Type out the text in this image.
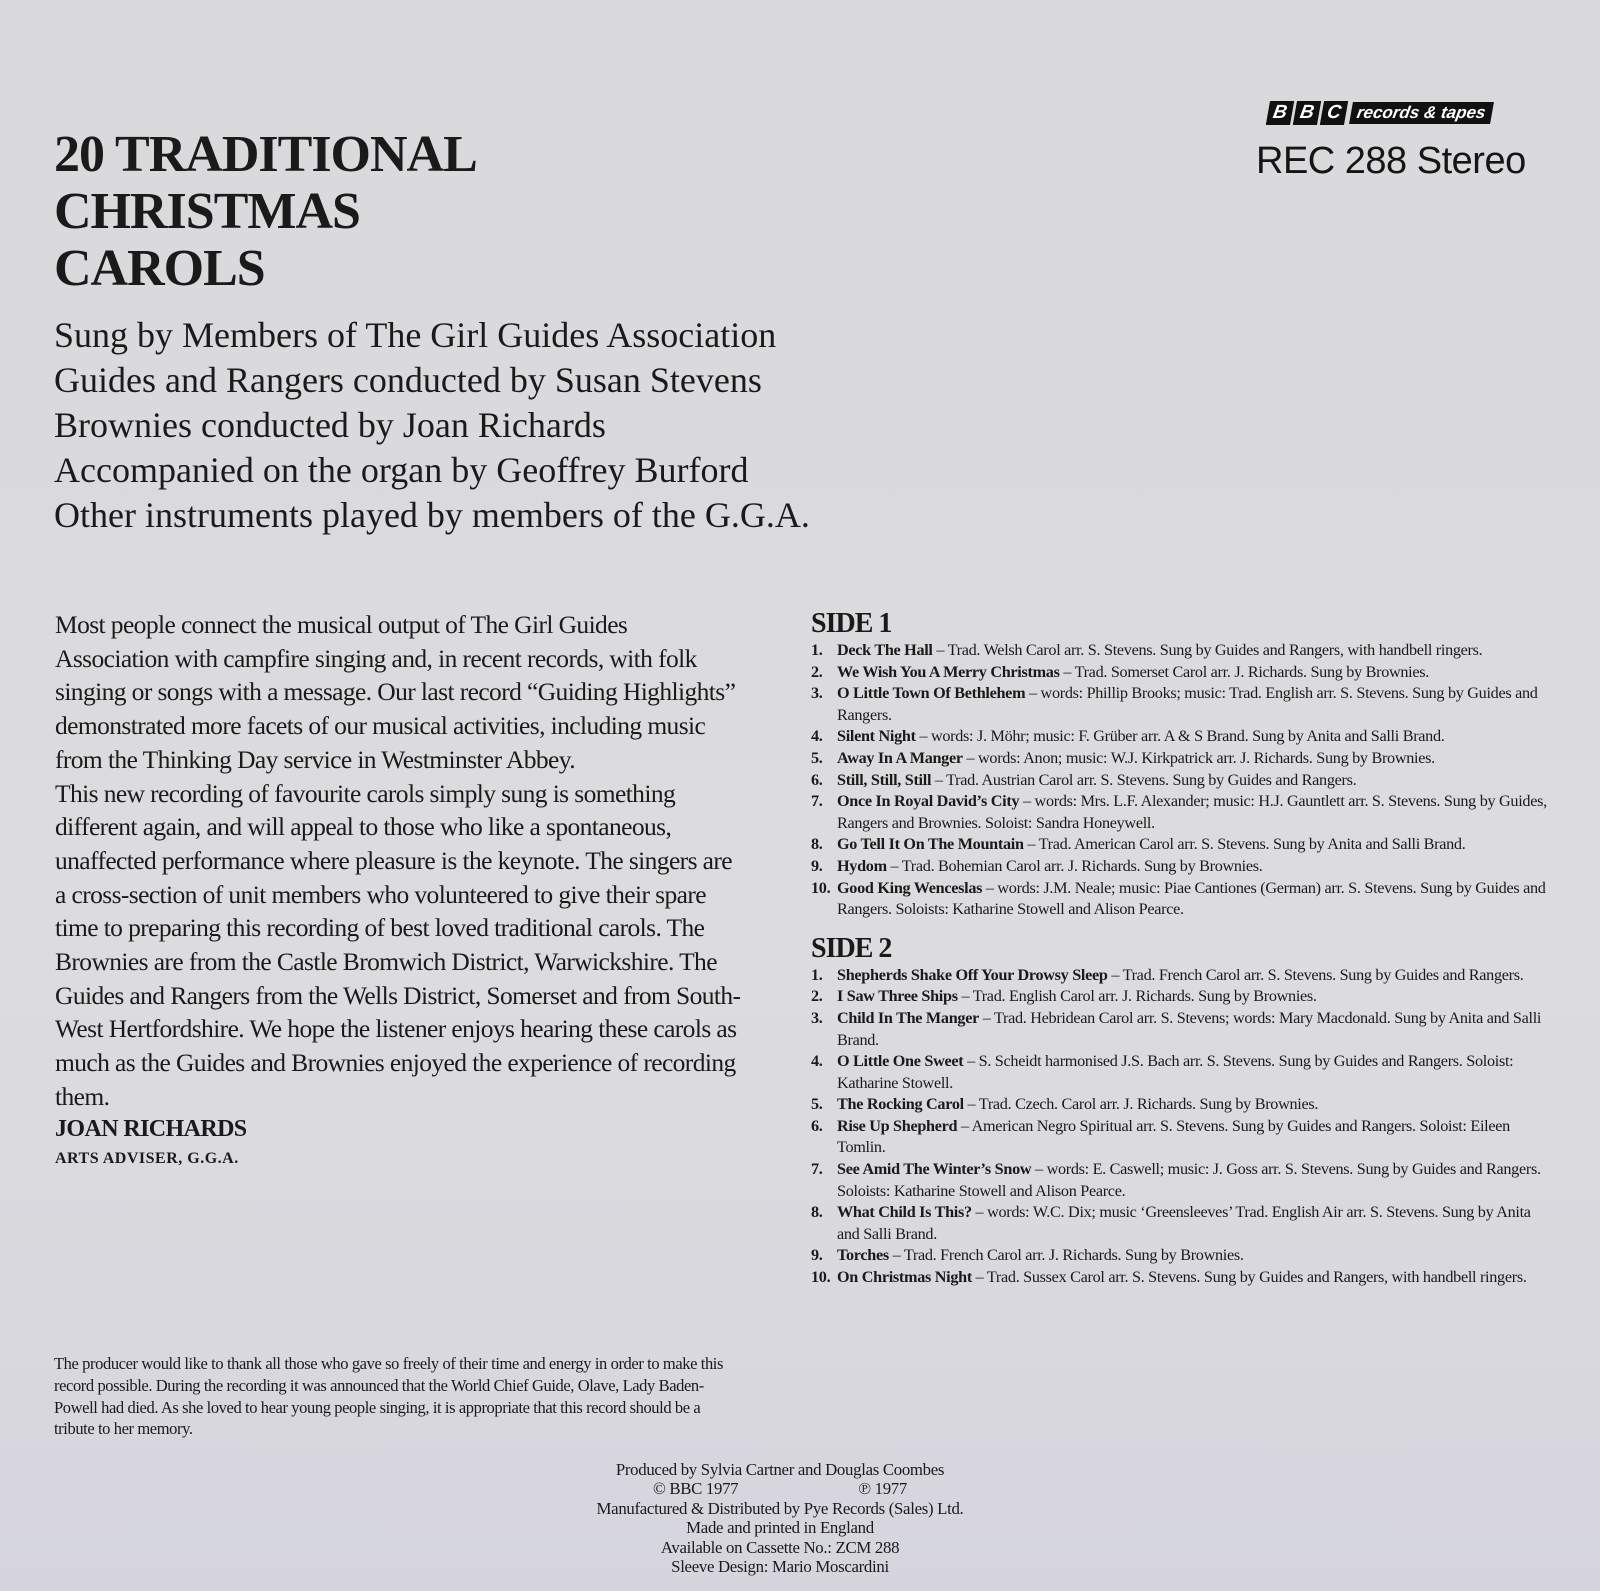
B B C records & tapes
REC 288 Stereo
20 TRADITIONAL
CHRISTMAS
CAROLS
Sung by Members of The Girl Guides Association
Guides and Rangers conducted by Susan Stevens
Brownies conducted by Joan Richards
Accompanied on the organ by Geoffrey Burford
Other instruments played by members of the G.G.A.
Most people connect the musical output of The Girl Guides Association with campfire singing and, in recent records, with folk singing or songs with a message. Our last record “Guiding Highlights” demonstrated more facets of our musical activities, including music from the Thinking Day service in Westminster Abbey.
This new recording of favourite carols simply sung is something different again, and will appeal to those who like a spontaneous, unaffected performance where pleasure is the keynote. The singers are a cross-section of unit members who volunteered to give their spare time to preparing this recording of best loved traditional carols. The Brownies are from the Castle Bromwich District, Warwickshire. The Guides and Rangers from the Wells District, Somerset and from South-West Hertfordshire. We hope the listener enjoys hearing these carols as much as the Guides and Brownies enjoyed the experience of recording them.
JOAN RICHARDS
ARTS ADVISER, G.G.A.
The producer would like to thank all those who gave so freely of their time and energy in order to make this record possible. During the recording it was announced that the World Chief Guide, Olave, Lady Baden-Powell had died. As she loved to hear young people singing, it is appropriate that this record should be a tribute to her memory.
SIDE 1
1. Deck The Hall – Trad. Welsh Carol arr. S. Stevens. Sung by Guides and Rangers, with handbell ringers.
2. We Wish You A Merry Christmas – Trad. Somerset Carol arr. J. Richards. Sung by Brownies.
3. O Little Town Of Bethlehem – words: Phillip Brooks; music: Trad. English arr. S. Stevens. Sung by Guides and Rangers.
4. Silent Night – words: J. Möhr; music: F. Grüber arr. A & S Brand. Sung by Anita and Salli Brand.
5. Away In A Manger – words: Anon; music: W.J. Kirkpatrick arr. J. Richards. Sung by Brownies.
6. Still, Still, Still – Trad. Austrian Carol arr. S. Stevens. Sung by Guides and Rangers.
7. Once In Royal David’s City – words: Mrs. L.F. Alexander; music: H.J. Gauntlett arr. S. Stevens. Sung by Guides, Rangers and Brownies. Soloist: Sandra Honeywell.
8. Go Tell It On The Mountain – Trad. American Carol arr. S. Stevens. Sung by Anita and Salli Brand.
9. Hydom – Trad. Bohemian Carol arr. J. Richards. Sung by Brownies.
10. Good King Wenceslas – words: J.M. Neale; music: Piae Cantiones (German) arr. S. Stevens. Sung by Guides and Rangers. Soloists: Katharine Stowell and Alison Pearce.
SIDE 2
1. Shepherds Shake Off Your Drowsy Sleep – Trad. French Carol arr. S. Stevens. Sung by Guides and Rangers.
2. I Saw Three Ships – Trad. English Carol arr. J. Richards. Sung by Brownies.
3. Child In The Manger – Trad. Hebridean Carol arr. S. Stevens; words: Mary Macdonald. Sung by Anita and Salli Brand.
4. O Little One Sweet – S. Scheidt harmonised J.S. Bach arr. S. Stevens. Sung by Guides and Rangers. Soloist: Katharine Stowell.
5. The Rocking Carol – Trad. Czech. Carol arr. J. Richards. Sung by Brownies.
6. Rise Up Shepherd – American Negro Spiritual arr. S. Stevens. Sung by Guides and Rangers. Soloist: Eileen Tomlin.
7. See Amid The Winter’s Snow – words: E. Caswell; music: J. Goss arr. S. Stevens. Sung by Guides and Rangers. Soloists: Katharine Stowell and Alison Pearce.
8. What Child Is This? – words: W.C. Dix; music ‘Greensleeves’ Trad. English Air arr. S. Stevens. Sung by Anita and Salli Brand.
9. Torches – Trad. French Carol arr. J. Richards. Sung by Brownies.
10. On Christmas Night – Trad. Sussex Carol arr. S. Stevens. Sung by Guides and Rangers, with handbell ringers.
Produced by Sylvia Cartner and Douglas Coombes
© BBC 1977	℗ 1977
Manufactured & Distributed by Pye Records (Sales) Ltd.
Made and printed in England
Available on Cassette No.: ZCM 288
Sleeve Design: Mario Moscardini
